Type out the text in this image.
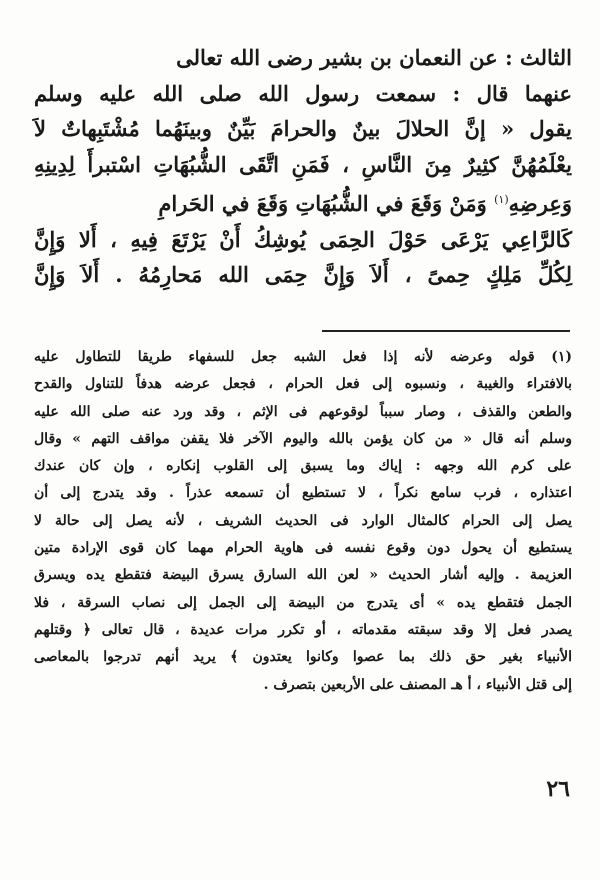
الثالث : عن النعمان بن بشير رضى الله تعالى
عنهما قال : سمعت رسول الله صلى الله عليه وسلم
يقول « إنَّ الحلالَ بينٌ والحرامَ بَيِّنٌ وبينَهُما مُشْتَبِهاتٌ لاَ
يعْلَمُهُنَّ كثِيرٌ مِنَ النَّاسِ ، فَمَنِ اتَّقَى الشُّبُهَاتِ اسْتبرأَ لِدِينِهِ
وَعِرضِهِ$^{(١)}$ وَمَنْ وَقَعَ في الشُّبُهَاتِ وَقَعَ في الحَرامِ
كَالرَّاعِي يَرْعَى حَوْلَ الحِمَى يُوشِكُ أَنْ يَرْتَعَ فِيهِ ، أَلا وَإِنَّ
لِكُلِّ مَلِكٍ حِمىً ، أَلاَ وَإِنَّ حِمَى الله مَحارِمُهُ . أَلاَ وَإِنَّ
(١) قوله وعرضه لأنه إذا فعل الشبه جعل للسفهاء طريقا للتطاول عليه
بالافتراء والغيبة ، ونسبوه إلى فعل الحرام ، فجعل عرضه هدفاً للتناول والقدح
والطعن والقذف ، وصار سبباً لوقوعهم فى الإثم ، وقد ورد عنه صلى الله عليه
وسلم أنه قال « من كان يؤمن بالله واليوم الآخر فلا يقفن مواقف التهم » وقال
على كرم الله وجهه : إياك وما يسبق إلى القلوب إنكاره ، وإن كان عندك
اعتذاره ، فرب سامع نكراً ، لا تستطيع أن تسمعه عذراً . وقد يتدرج إلى أن
يصل إلى الحرام كالمثال الوارد فى الحديث الشريف ، لأنه يصل إلى حالة لا
يستطيع أن يحول دون وقوع نفسه فى هاوية الحرام مهما كان قوى الإرادة متين
العزيمة . وإليه أشار الحديث « لعن الله السارق يسرق البيضة فتقطع يده ويسرق
الجمل فتقطع يده » أى يتدرج من البيضة إلى الجمل إلى نصاب السرقة ، فلا
يصدر فعل إلا وقد سبقته مقدماته ، أو تكرر مرات عديدة ، قال تعالى ﴿ وقتلهم
الأنبياء بغير حق ذلك بما عصوا وكانوا يعتدون ﴾ يريد أنهم تدرجوا بالمعاصى
إلى قتل الأنبياء ، أ هـ المصنف على الأربعين بتصرف .
٢٦
